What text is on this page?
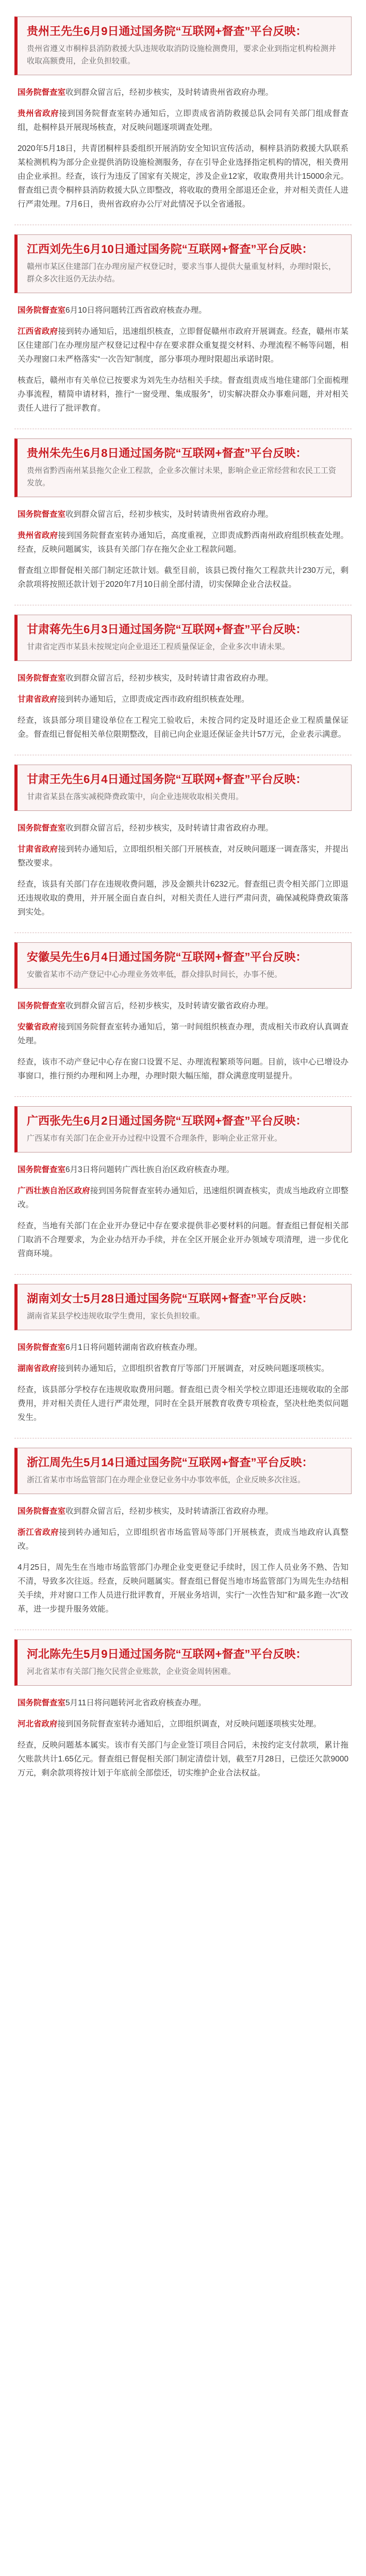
贵州王先生6月9日通过国务院“互联网+督查”平台反映：

贵州省遵义市桐梓县消防救援大队违规收取消防设施检测费用，要求企业到指定机构检测并收取高额费用，企业负担较重。

国务院督查室收到群众留言后，经初步核实，及时转请贵州省政府办理。

贵州省政府接到国务院督查室转办通知后，立即责成省消防救援总队会同有关部门组成督查组，赴桐梓县开展现场核查，对反映问题逐项调查处理。

2020年5月18日，共青团桐梓县委组织开展消防安全知识宣传活动，桐梓县消防救援大队联系某检测机构为部分企业提供消防设施检测服务，存在引导企业选择指定机构的情况，相关费用由企业承担。经查，该行为违反了国家有关规定，涉及企业12家，收取费用共计15000余元。督查组已责令桐梓县消防救援大队立即整改，将收取的费用全部退还企业，并对相关责任人进行严肃处理。7月6日，贵州省政府办公厅对此情况予以全省通报。

江西刘先生6月10日通过国务院“互联网+督查”平台反映：

赣州市某区住建部门在办理房屋产权登记时，要求当事人提供大量重复材料，办理时限长，群众多次往返仍无法办结。

国务院督查室6月10日将问题转江西省政府核查办理。

江西省政府接到转办通知后，迅速组织核查，立即督促赣州市政府开展调查。经查，赣州市某区住建部门在办理房屋产权登记过程中存在要求群众重复提交材料、办理流程不畅等问题，相关办理窗口未严格落实“一次告知”制度，部分事项办理时限超出承诺时限。

核查后，赣州市有关单位已按要求为刘先生办结相关手续。督查组责成当地住建部门全面梳理办事流程，精简申请材料，推行“一窗受理、集成服务”，切实解决群众办事难问题，并对相关责任人进行了批评教育。

贵州朱先生6月8日通过国务院“互联网+督查”平台反映：

贵州省黔西南州某县拖欠企业工程款，企业多次催讨未果，影响企业正常经营和农民工工资发放。

国务院督查室收到群众留言后，经初步核实，及时转请贵州省政府办理。

贵州省政府接到国务院督查室转办通知后，高度重视，立即责成黔西南州政府组织核查处理。经查，反映问题属实，该县有关部门存在拖欠企业工程款问题。

督查组立即督促相关部门制定还款计划。截至目前，该县已拨付拖欠工程款共计230万元，剩余款项将按照还款计划于2020年7月10日前全部付清，切实保障企业合法权益。

甘肃蒋先生6月3日通过国务院“互联网+督查”平台反映：

甘肃省定西市某县未按规定向企业退还工程质量保证金，企业多次申请未果。

国务院督查室收到群众留言后，经初步核实，及时转请甘肃省政府办理。

甘肃省政府接到转办通知后，立即责成定西市政府组织核查处理。

经查，该县部分项目建设单位在工程完工验收后，未按合同约定及时退还企业工程质量保证金。督查组已督促相关单位限期整改，目前已向企业退还保证金共计57万元，企业表示满意。

甘肃王先生6月4日通过国务院“互联网+督查”平台反映：

甘肃省某县在落实减税降费政策中，向企业违规收取相关费用。

国务院督查室收到群众留言后，经初步核实，及时转请甘肃省政府办理。

甘肃省政府接到转办通知后，立即组织相关部门开展核查，对反映问题逐一调查落实，并提出整改要求。

经查，该县有关部门存在违规收费问题，涉及金额共计6232元。督查组已责令相关部门立即退还违规收取的费用，并开展全面自查自纠，对相关责任人进行严肃问责，确保减税降费政策落到实处。

安徽吴先生6月4日通过国务院“互联网+督查”平台反映：

安徽省某市不动产登记中心办理业务效率低，群众排队时间长，办事不便。

国务院督查室收到群众留言后，经初步核实，及时转请安徽省政府办理。

安徽省政府接到国务院督查室转办通知后，第一时间组织核查办理，责成相关市政府认真调查处理。

经查，该市不动产登记中心存在窗口设置不足、办理流程繁琐等问题。目前，该中心已增设办事窗口，推行预约办理和网上办理，办理时限大幅压缩，群众满意度明显提升。

广西张先生6月2日通过国务院“互联网+督查”平台反映：

广西某市有关部门在企业开办过程中设置不合理条件，影响企业正常开业。

国务院督查室6月3日将问题转广西壮族自治区政府核查办理。

广西壮族自治区政府接到国务院督查室转办通知后，迅速组织调查核实，责成当地政府立即整改。

经查，当地有关部门在企业开办登记中存在要求提供非必要材料的问题。督查组已督促相关部门取消不合理要求，为企业办结开办手续，并在全区开展企业开办领域专项清理，进一步优化营商环境。

湖南刘女士5月28日通过国务院“互联网+督查”平台反映：

湖南省某县学校违规收取学生费用，家长负担较重。

国务院督查室6月1日将问题转湖南省政府核查办理。

湖南省政府接到转办通知后，立即组织省教育厅等部门开展调查，对反映问题逐项核实。

经查，该县部分学校存在违规收取费用问题。督查组已责令相关学校立即退还违规收取的全部费用，并对相关责任人进行严肃处理，同时在全县开展教育收费专项检查，坚决杜绝类似问题发生。

浙江周先生5月14日通过国务院“互联网+督查”平台反映：

浙江省某市市场监管部门在办理企业登记业务中办事效率低，企业反映多次往返。

国务院督查室收到群众留言后，经初步核实，及时转请浙江省政府办理。

浙江省政府接到转办通知后，立即组织省市场监管局等部门开展核查，责成当地政府认真整改。

4月25日，周先生在当地市场监管部门办理企业变更登记手续时，因工作人员业务不熟、告知不清，导致多次往返。经查，反映问题属实。督查组已督促当地市场监管部门为周先生办结相关手续，并对窗口工作人员进行批评教育，开展业务培训，实行“一次性告知”和“最多跑一次”改革，进一步提升服务效能。

河北陈先生5月9日通过国务院“互联网+督查”平台反映：

河北省某市有关部门拖欠民营企业账款，企业资金周转困难。

国务院督查室5月11日将问题转河北省政府核查办理。

河北省政府接到国务院督查室转办通知后，立即组织调查，对反映问题逐项核实处理。

经查，反映问题基本属实。该市有关部门与企业签订项目合同后，未按约定支付款项，累计拖欠账款共计1.65亿元。督查组已督促相关部门制定清偿计划，截至7月28日，已偿还欠款9000万元，剩余款项将按计划于年底前全部偿还，切实维护企业合法权益。
